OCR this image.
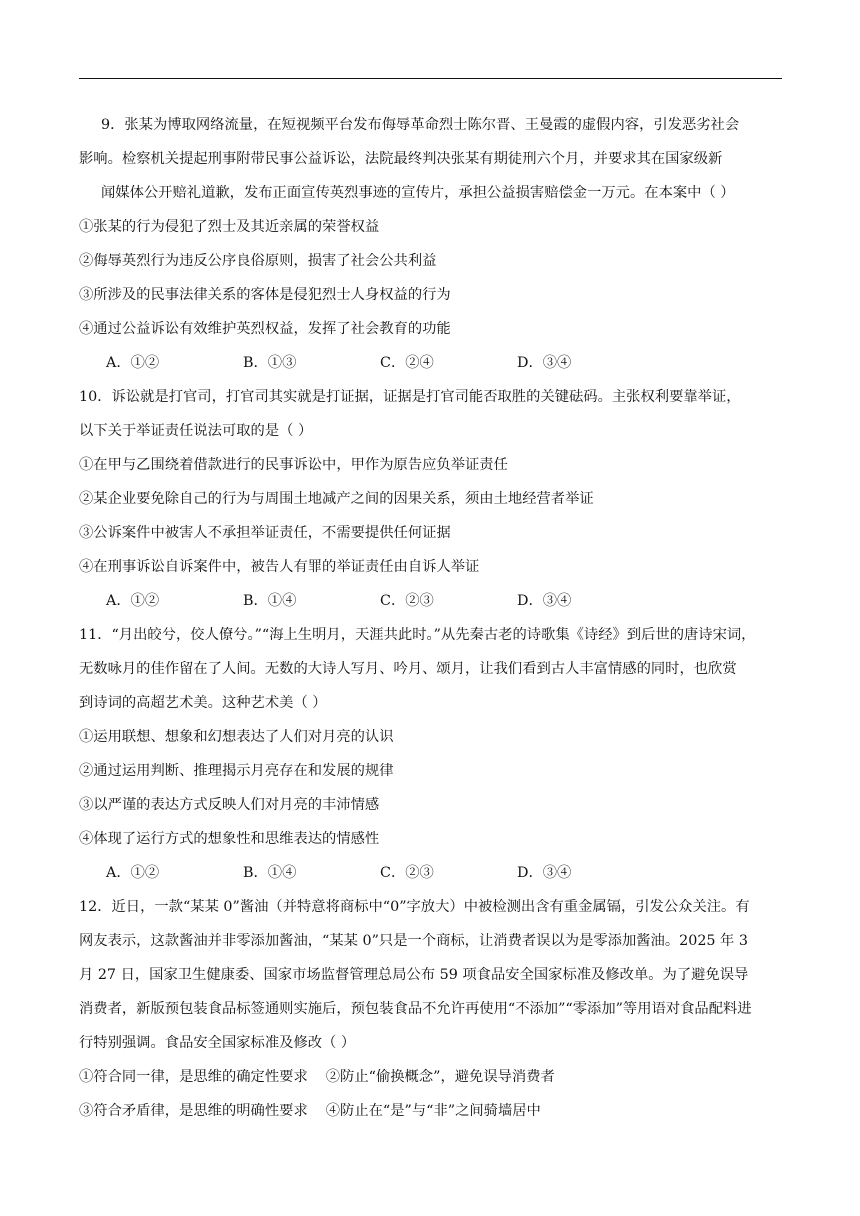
9．张某为博取网络流量，在短视频平台发布侮辱革命烈士陈尔晋、王曼霞的虚假内容，引发恶劣社会
影响。检察机关提起刑事附带民事公益诉讼，法院最终判决张某有期徒刑六个月，并要求其在国家级新
闻媒体公开赔礼道歉，发布正面宣传英烈事迹的宣传片，承担公益损害赔偿金一万元。在本案中（ ）
①张某的行为侵犯了烈士及其近亲属的荣誉权益
②侮辱英烈行为违反公序良俗原则，损害了社会公共利益
③所涉及的民事法律关系的客体是侵犯烈士人身权益的行为
④通过公益诉讼有效维护英烈权益，发挥了社会教育的功能
A．①②	B．①③	C．②④	D．③④
10．诉讼就是打官司，打官司其实就是打证据，证据是打官司能否取胜的关键砝码。主张权利要靠举证，
以下关于举证责任说法可取的是（ ）
①在甲与乙围绕着借款进行的民事诉讼中，甲作为原告应负举证责任
②某企业要免除自己的行为与周围土地减产之间的因果关系，须由土地经营者举证
③公诉案件中被害人不承担举证责任，不需要提供任何证据
④在刑事诉讼自诉案件中，被告人有罪的举证责任由自诉人举证
A．①②	B．①④	C．②③	D．③④
11．“月出皎兮，佼人僚兮。”“海上生明月，天涯共此时。”从先秦古老的诗歌集《诗经》到后世的唐诗宋词，
无数咏月的佳作留在了人间。无数的大诗人写月、吟月、颂月，让我们看到古人丰富情感的同时，也欣赏
到诗词的高超艺术美。这种艺术美（ ）
①运用联想、想象和幻想表达了人们对月亮的认识
②通过运用判断、推理揭示月亮存在和发展的规律
③以严谨的表达方式反映人们对月亮的丰沛情感
④体现了运行方式的想象性和思维表达的情感性
A．①②	B．①④	C．②③	D．③④
12．近日，一款“某某 0”酱油（并特意将商标中“0”字放大）中被检测出含有重金属镉，引发公众关注。有
网友表示，这款酱油并非零添加酱油，“某某 0”只是一个商标，让消费者误以为是零添加酱油。2025 年 3
月 27 日，国家卫生健康委、国家市场监督管理总局公布 59 项食品安全国家标准及修改单。为了避免误导
消费者，新版预包装食品标签通则实施后，预包装食品不允许再使用“不添加”“零添加”等用语对食品配料进
行特别强调。食品安全国家标准及修改（ ）
①符合同一律，是思维的确定性要求 ②防止“偷换概念”，避免误导消费者
③符合矛盾律，是思维的明确性要求 ④防止在“是”与“非”之间骑墙居中
